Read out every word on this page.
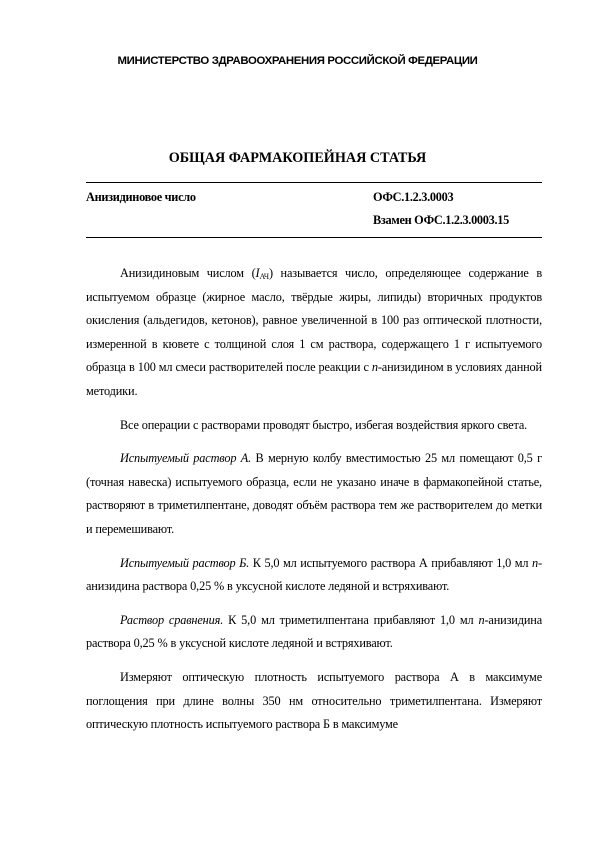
МИНИСТЕРСТВО ЗДРАВООХРАНЕНИЯ РОССИЙСКОЙ ФЕДЕРАЦИИ
ОБЩАЯ ФАРМАКОПЕЙНАЯ СТАТЬЯ
Анизидиновое число	ОФС.1.2.3.0003
Взамен ОФС.1.2.3.0003.15

Анизидиновым числом $(I_{АЧ})$ называется число, определяющее содержание в испытуемом образце (жирное масло, твёрдые жиры, липиды) вторичных продуктов окисления (альдегидов, кетонов), равное увеличенной в 100 раз оптической плотности, измеренной в кювете с толщиной слоя 1 см раствора, содержащего 1 г испытуемого образца в 100 мл смеси растворителей после реакции с п-анизидином в условиях данной методики.

Все операции с растворами проводят быстро, избегая воздействия яркого света.

Испытуемый раствор А. В мерную колбу вместимостью 25 мл помещают 0,5 г (точная навеска) испытуемого образца, если не указано иначе в фармакопейной статье, растворяют в триметилпентане, доводят объём раствора тем же растворителем до метки и перемешивают.

Испытуемый раствор Б. К 5,0 мл испытуемого раствора А прибавляют 1,0 мл п-анизидина раствора 0,25 % в уксусной кислоте ледяной и встряхивают.

Раствор сравнения. К 5,0 мл триметилпентана прибавляют 1,0 мл п-анизидина раствора 0,25 % в уксусной кислоте ледяной и встряхивают.

Измеряют оптическую плотность испытуемого раствора А в максимуме поглощения при длине волны 350 нм относительно триметилпентана. Измеряют оптическую плотность испытуемого раствора Б в максимуме
